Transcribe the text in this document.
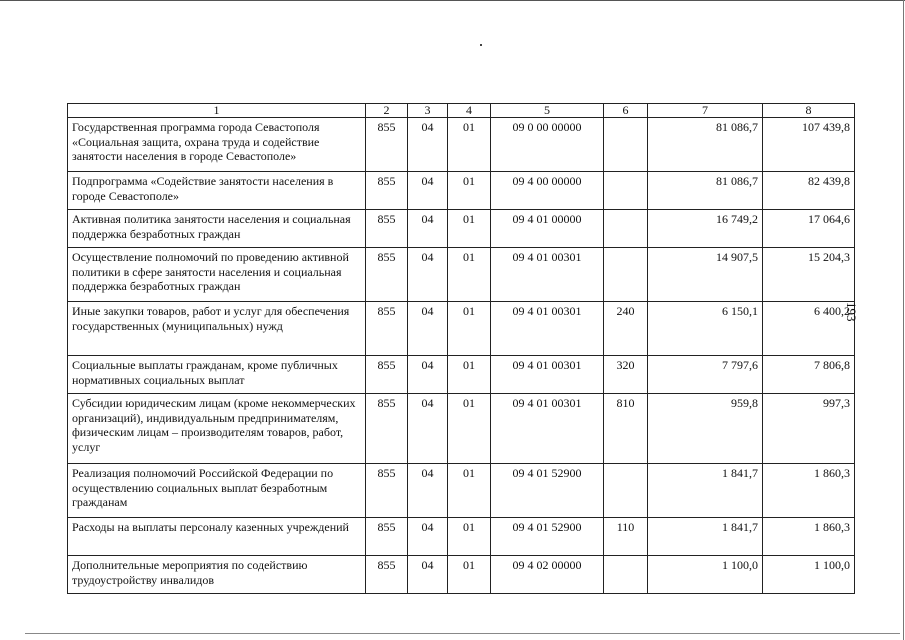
1	2	3	4	5	6	7	8
Государственная программа города Севастополя «Социальная защита, охрана труда и содействие занятости населения в городе Севастополе»	855	04	01	09 0 00 00000		81 086,7	107 439,8
Подпрограмма «Содействие занятости населения в городе Севастополе»	855	04	01	09 4 00 00000		81 086,7	82 439,8
Активная политика занятости населения и социальная поддержка безработных граждан	855	04	01	09 4 01 00000		16 749,2	17 064,6
Осуществление полномочий по проведению активной политики в сфере занятости населения и социальная поддержка безработных граждан	855	04	01	09 4 01 00301		14 907,5	15 204,3
Иные закупки товаров, работ и услуг для обеспечения государственных (муниципальных) нужд	855	04	01	09 4 01 00301	240	6 150,1	6 400,2
Социальные выплаты гражданам, кроме публичных нормативных социальных выплат	855	04	01	09 4 01 00301	320	7 797,6	7 806,8
Субсидии юридическим лицам (кроме некоммерческих организаций), индивидуальным предпринимателям, физическим лицам – производителям товаров, работ, услуг	855	04	01	09 4 01 00301	810	959,8	997,3
Реализация полномочий Российской Федерации по осуществлению социальных выплат безработным гражданам	855	04	01	09 4 01 52900		1 841,7	1 860,3
Расходы на выплаты персоналу казенных учреждений	855	04	01	09 4 01 52900	110	1 841,7	1 860,3
Дополнительные мероприятия по содействию трудоустройству инвалидов	855	04	01	09 4 02 00000		1 100,0	1 100,0
193
